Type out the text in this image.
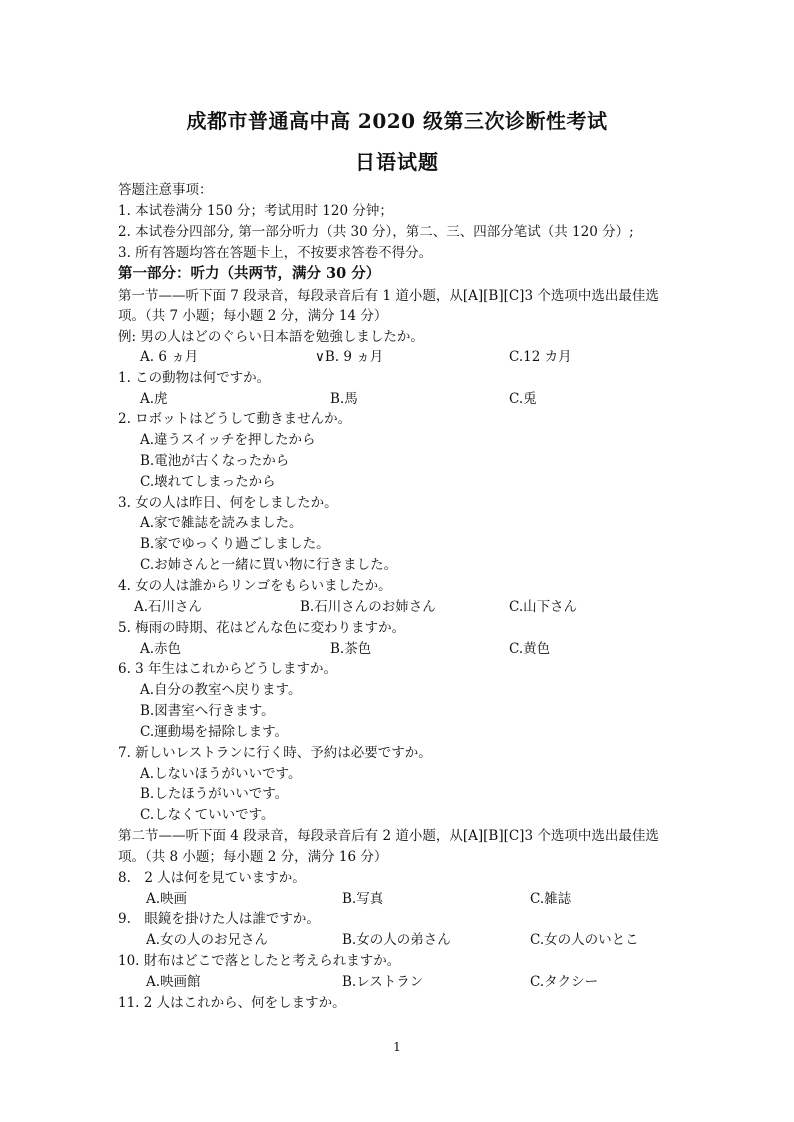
成都市普通高中高 2020 级第三次诊断性考试
日语试题
答题注意事项：
1. 本试卷满分 150 分；考试用时 120 分钟；
2. 本试卷分四部分, 第一部分听力（共 30 分），第二、三、四部分笔试（共 120 分）;
3. 所有答题均答在答题卡上，不按要求答卷不得分。
第一部分：听力（共两节，满分 30 分）
第一节——听下面 7 段录音，每段录音后有 1 道小题，从[A][B][C]3 个选项中选出最佳选
项。（共 7 小题；每小题 2 分，满分 14 分）
例: 男の人はどのぐらい日本語を勉強しましたか。
A. 6 ヵ月	∨B. 9 ヵ月	C.12 カ月
1. この動物は何ですか。
A.虎	B.馬	C.兎
2. ロボットはどうして動きませんか。
A.違うスイッチを押したから
B.電池が古くなったから
C.壊れてしまったから
3. 女の人は昨日、何をしましたか。
A.家で雑誌を読みました。
B.家でゆっくり過ごしました。
C.お姉さんと一緒に買い物に行きました。
4. 女の人は誰からリンゴをもらいましたか。
A.石川さん	B.石川さんのお姉さん	C.山下さん
5. 梅雨の時期、花はどんな色に変わりますか。
A.赤色	B.茶色	C.黄色
6. 3 年生はこれからどうしますか。
A.自分の教室へ戻ります。
B.図書室へ行きます。
C.運動場を掃除します。
7. 新しいレストランに行く時、予約は必要ですか。
A.しないほうがいいです。
B.したほうがいいです。
C.しなくていいです。
第二节——听下面 4 段录音，每段录音后有 2 道小题，从[A][B][C]3 个选项中选出最佳选
项。（共 8 小题；每小题 2 分，满分 16 分）
8.　2 人は何を見ていますか。
A.映画	B.写真	C.雑誌
9.　眼鏡を掛けた人は誰ですか。
A.女の人のお兄さん	B.女の人の弟さん	C.女の人のいとこ
10. 財布はどこで落としたと考えられますか。
A.映画館	B.レストラン	C.タクシー
11. 2 人はこれから、何をしますか。
1
